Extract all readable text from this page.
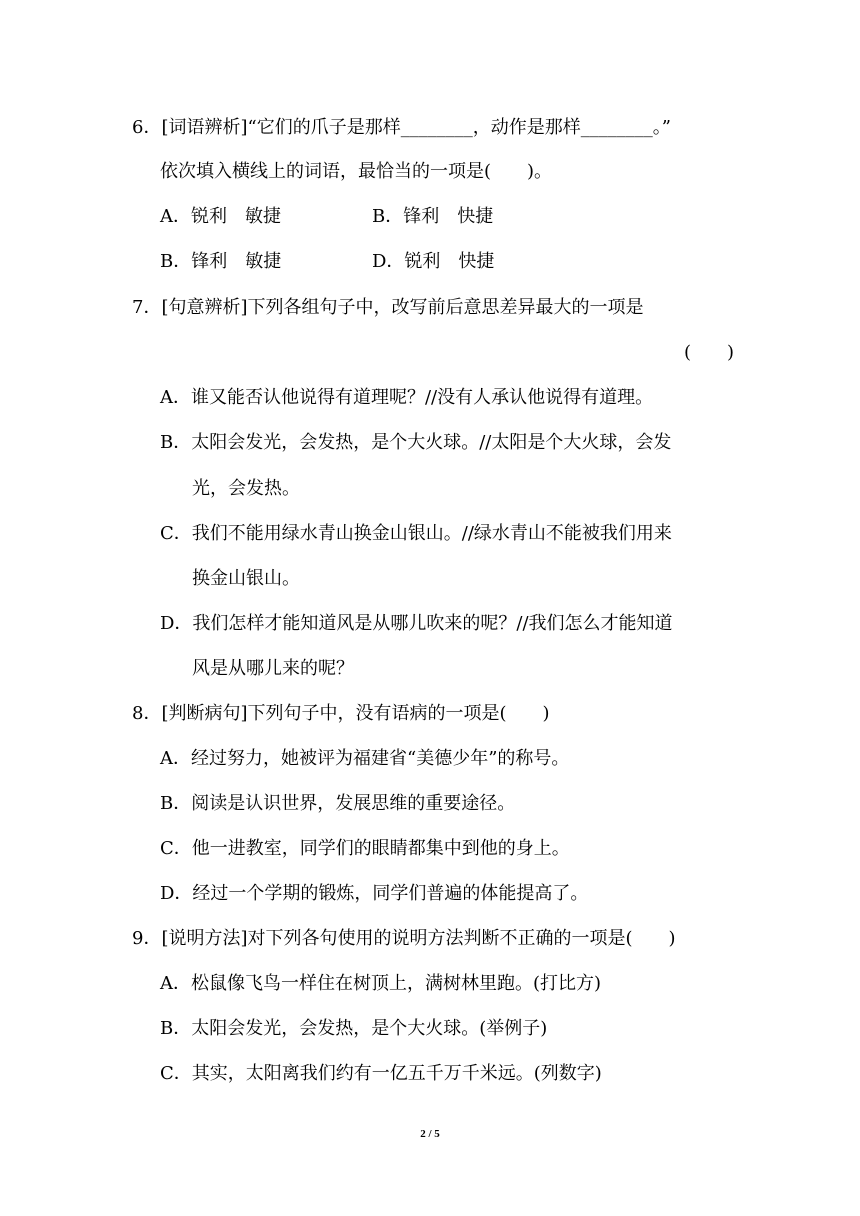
6．[词语辨析]“它们的爪子是那样________，动作是那样________。”
依次填入横线上的词语，最恰当的一项是(　　)。
A．锐利　敏捷	B．锋利　快捷
B．锋利　敏捷	D．锐利　快捷
7．[句意辨析]下列各组句子中，改写前后意思差异最大的一项是
(　　)
A．谁又能否认他说得有道理呢？//没有人承认他说得有道理。
B．太阳会发光，会发热，是个大火球。//太阳是个大火球，会发
光，会发热。
C．我们不能用绿水青山换金山银山。//绿水青山不能被我们用来
换金山银山。
D．我们怎样才能知道风是从哪儿吹来的呢？//我们怎么才能知道
风是从哪儿来的呢？
8．[判断病句]下列句子中，没有语病的一项是(　　)
A．经过努力，她被评为福建省“美德少年”的称号。
B．阅读是认识世界，发展思维的重要途径。
C．他一进教室，同学们的眼睛都集中到他的身上。
D．经过一个学期的锻炼，同学们普遍的体能提高了。
9．[说明方法]对下列各句使用的说明方法判断不正确的一项是(　　)
A．松鼠像飞鸟一样住在树顶上，满树林里跑。(打比方)
B．太阳会发光，会发热，是个大火球。(举例子)
C．其实，太阳离我们约有一亿五千万千米远。(列数字)
2 / 5
